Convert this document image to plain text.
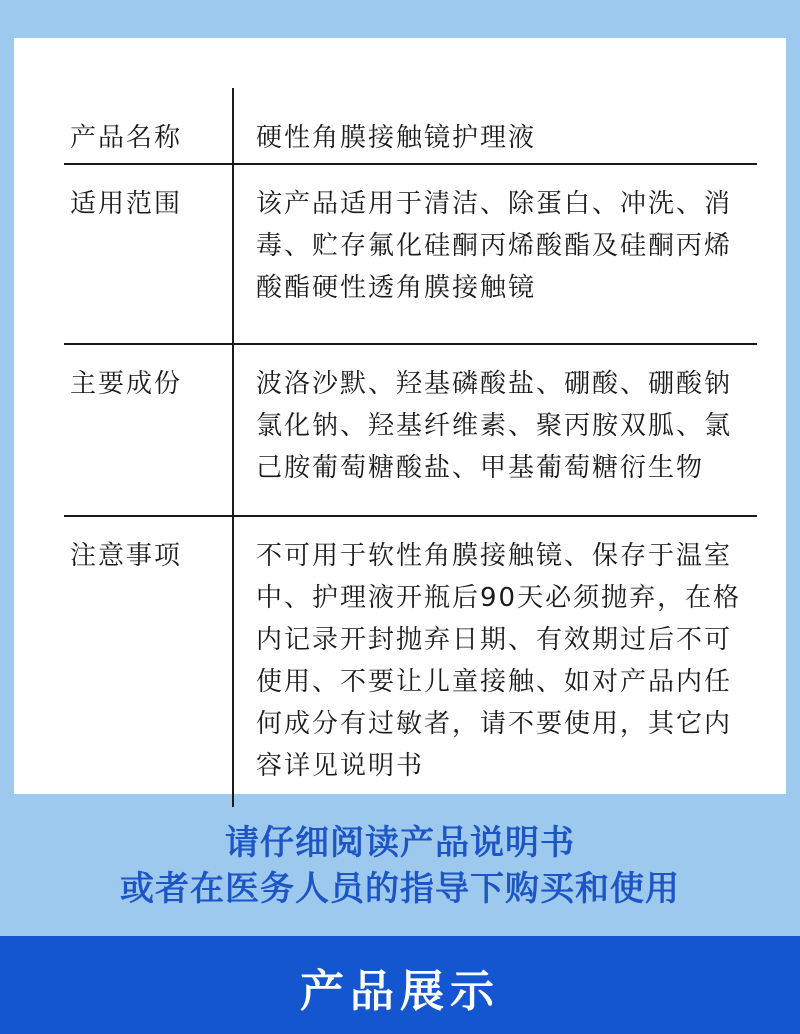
产品名称	硬性角膜接触镜护理液
适用范围	该产品适用于清洁、除蛋白、冲洗、消毒、贮存氟化硅酮丙烯酸酯及硅酮丙烯酸酯硬性透角膜接触镜
主要成份	波洛沙默、羟基磷酸盐、硼酸、硼酸钠氯化钠、羟基纤维素、聚丙胺双胍、氯己胺葡萄糖酸盐、甲基葡萄糖衍生物
注意事项	不可用于软性角膜接触镜、保存于温室中、护理液开瓶后90天必须抛弃，在格内记录开封抛弃日期、有效期过后不可使用、不要让儿童接触、如对产品内任何成分有过敏者，请不要使用，其它内容详见说明书
请仔细阅读产品说明书
或者在医务人员的指导下购买和使用
产品展示
